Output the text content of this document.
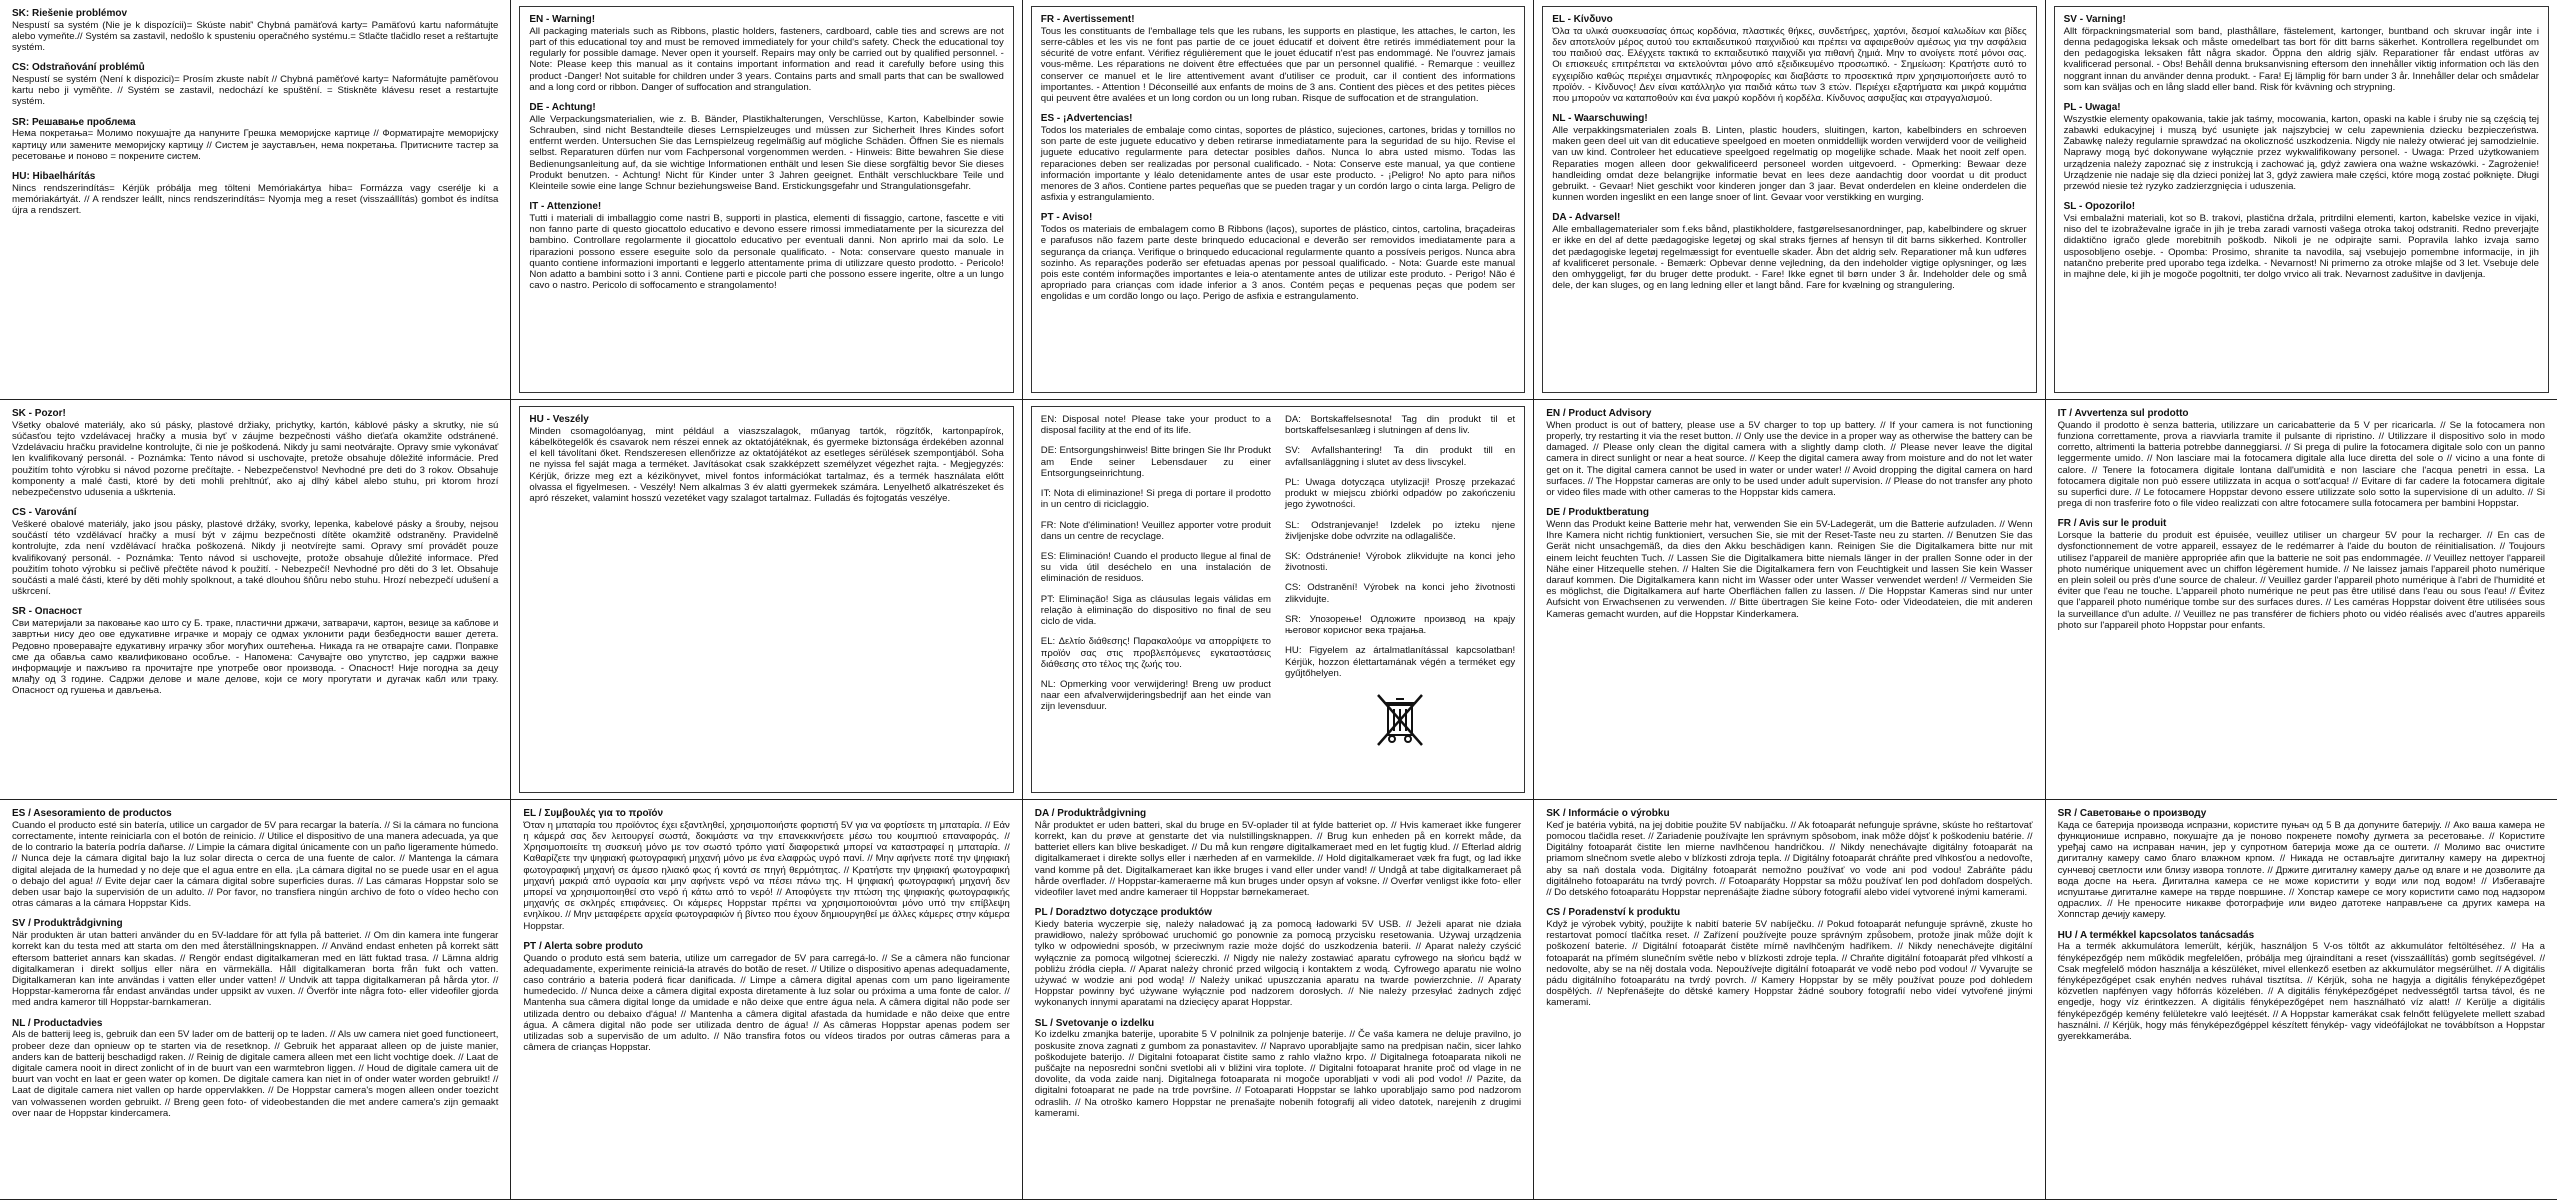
SK: Riešenie problémov

Nespustí sa systém (Nie je k dispozícii)= Skúste nabiť' Chybná pamäťová karty= Pamäťovú kartu naformátujte alebo vymeňte.// Systém sa zastavil, nedošlo k spusteniu operačného systému.= Stlačte tlačidlo reset a reštartujte systém.

CS: Odstraňování problémů

Nespustí se systém (Není k dispozici)= Prosím zkuste nabít // Chybná paměťové karty= Naformátujte paměťovou kartu nebo ji vyměňte. // Systém se zastavil, nedochází ke spuštění. = Stiskněte klávesu reset a restartujte systém.

SR: Решавање проблема

Нема покретања= Молимо покушајте да напуните Грешка меморијске картице // Форматирајте меморијску картицу или замените меморијску картицу // Систем је заустављен, нема покретања. Притисните тастер за ресетовање и поново = покрените систем.

HU: Hibaelhárítás

Nincs rendszerindítás= Kérjük próbálja meg tölteni Memóriakártya hiba= Formázza vagy cserélje ki a memóriakártyát. // A rendszer leállt, nincs rendszerindítás= Nyomja meg a reset (visszaállítás) gombot és indítsa újra a rendszert.

EN - Warning!

All packaging materials such as Ribbons, plastic holders, fasteners, cardboard, cable ties and screws are not part of this educational toy and must be removed immediately for your child's safety. Check the educational toy regularly for possible damage. Never open it yourself. Repairs may only be carried out by qualified personnel. -Note: Please keep this manual as it contains important information and read it carefully before using this product -Danger! Not suitable for children under 3 years. Contains parts and small parts that can be swallowed and a long cord or ribbon. Danger of suffocation and strangulation.

DE - Achtung!

Alle Verpackungsmaterialien, wie z. B. Bänder, Plastikhalterungen, Verschlüsse, Karton, Kabelbinder sowie Schrauben, sind nicht Bestandteile dieses Lernspielzeuges und müssen zur Sicherheit Ihres Kindes sofort entfernt werden. Untersuchen Sie das Lernspielzeug regelmäßig auf mögliche Schäden. Öffnen Sie es niemals selbst. Reparaturen dürfen nur vom Fachpersonal vorgenommen werden. - Hinweis: Bitte bewahren Sie diese Bedienungsanleitung auf, da sie wichtige Informationen enthält und lesen Sie diese sorgfältig bevor Sie dieses Produkt benutzen. - Achtung! Nicht für Kinder unter 3 Jahren geeignet. Enthält verschluckbare Teile und Kleinteile sowie eine lange Schnur beziehungsweise Band. Erstickungsgefahr und Strangulationsgefahr.

IT - Attenzione!

Tutti i materiali di imballaggio come nastri B, supporti in plastica, elementi di fissaggio, cartone, fascette e viti non fanno parte di questo giocattolo educativo e devono essere rimossi immediatamente per la sicurezza del bambino. Controllare regolarmente il giocattolo educativo per eventuali danni. Non aprirlo mai da solo. Le riparazioni possono essere eseguite solo da personale qualificato. - Nota: conservare questo manuale in quanto contiene informazioni importanti e leggerlo attentamente prima di utilizzare questo prodotto. - Pericolo! Non adatto a bambini sotto i 3 anni. Contiene parti e piccole parti che possono essere ingerite, oltre a un lungo cavo o nastro. Pericolo di soffocamento e strangolamento!

FR - Avertissement!

Tous les constituants de l'emballage tels que les rubans, les supports en plastique, les attaches, le carton, les serre-câbles et les vis ne font pas partie de ce jouet éducatif et doivent être retirés immédiatement pour la sécurité de votre enfant. Vérifiez régulièrement que le jouet éducatif n'est pas endommagé. Ne l'ouvrez jamais vous-même. Les réparations ne doivent être effectuées que par un personnel qualifié. - Remarque : veuillez conserver ce manuel et le lire attentivement avant d'utiliser ce produit, car il contient des informations importantes. - Attention ! Déconseillé aux enfants de moins de 3 ans. Contient des pièces et des petites pièces qui peuvent être avalées et un long cordon ou un long ruban. Risque de suffocation et de strangulation.

ES - ¡Advertencias!

Todos los materiales de embalaje como cintas, soportes de plástico, sujeciones, cartones, bridas y tornillos no son parte de este juguete educativo y deben retirarse inmediatamente para la seguridad de su hijo. Revise el juguete educativo regularmente para detectar posibles daños. Nunca lo abra usted mismo. Todas las reparaciones deben ser realizadas por personal cualificado. - Nota: Conserve este manual, ya que contiene información importante y léalo detenidamente antes de usar este producto. - ¡Peligro! No apto para niños menores de 3 años. Contiene partes pequeñas que se pueden tragar y un cordón largo o cinta larga. Peligro de asfixia y estrangulamiento.

PT - Aviso!

Todos os materiais de embalagem como B Ribbons (laços), suportes de plástico, cintos, cartolina, braçadeiras e parafusos não fazem parte deste brinquedo educacional e deverão ser removidos imediatamente para a segurança da criança. Verifique o brinquedo educacional regularmente quanto a possíveis perigos. Nunca abra sozinho. As reparações poderão ser efetuadas apenas por pessoal qualificado. - Nota: Guarde este manual pois este contém informações importantes e leia-o atentamente antes de utilizar este produto. - Perigo! Não é apropriado para crianças com idade inferior a 3 anos. Contém peças e pequenas peças que podem ser engolidas e um cordão longo ou laço. Perigo de asfixia e estrangulamento.

EL - Κίνδυνο

Όλα τα υλικά συσκευασίας όπως κορδόνια, πλαστικές θήκες, συνδετήρες, χαρτόνι, δεσμοί καλωδίων και βίδες δεν αποτελούν μέρος αυτού του εκπαιδευτικού παιχνιδιού και πρέπει να αφαιρεθούν αμέσως για την ασφάλεια του παιδιού σας. Ελέγχετε τακτικά το εκπαιδευτικό παιχνίδι για πιθανή ζημιά. Μην το ανοίγετε ποτέ μόνοι σας. Οι επισκευές επιτρέπεται να εκτελούνται μόνο από εξειδικευμένο προσωπικό. - Σημείωση: Κρατήστε αυτό το εγχειρίδιο καθώς περιέχει σημαντικές πληροφορίες και διαβάστε το προσεκτικά πριν χρησιμοποιήσετε αυτό το προϊόν. - Κίνδυνος! Δεν είναι κατάλληλο για παιδιά κάτω των 3 ετών. Περιέχει εξαρτήματα και μικρά κομμάτια που μπορούν να καταποθούν και ένα μακρύ κορδόνι ή κορδέλα. Κίνδυνος ασφυξίας και στραγγαλισμού.

NL - Waarschuwing!

Alle verpakkingsmaterialen zoals B. Linten, plastic houders, sluitingen, karton, kabelbinders en schroeven maken geen deel uit van dit educatieve speelgoed en moeten onmiddellijk worden verwijderd voor de veiligheid van uw kind. Controleer het educatieve speelgoed regelmatig op mogelijke schade. Maak het nooit zelf open. Reparaties mogen alleen door gekwalificeerd personeel worden uitgevoerd. - Opmerking: Bewaar deze handleiding omdat deze belangrijke informatie bevat en lees deze aandachtig door voordat u dit product gebruikt. - Gevaar! Niet geschikt voor kinderen jonger dan 3 jaar. Bevat onderdelen en kleine onderdelen die kunnen worden ingeslikt en een lange snoer of lint. Gevaar voor verstikking en wurging.

DA - Advarsel!

Alle emballagematerialer som f.eks bånd, plastikholdere, fastgørelsesanordninger, pap, kabelbindere og skruer er ikke en del af dette pædagogiske legetøj og skal straks fjernes af hensyn til dit barns sikkerhed. Kontroller det pædagogiske legetøj regelmæssigt for eventuelle skader. Åbn det aldrig selv. Reparationer må kun udføres af kvalificeret personale. - Bemærk: Opbevar denne vejledning, da den indeholder vigtige oplysninger, og læs den omhyggeligt, før du bruger dette produkt. - Fare! Ikke egnet til børn under 3 år. Indeholder dele og små dele, der kan sluges, og en lang ledning eller et langt bånd. Fare for kvælning og strangulering.

SV - Varning!

Allt förpackningsmaterial som band, plasthållare, fästelement, kartonger, buntband och skruvar ingår inte i denna pedagogiska leksak och måste omedelbart tas bort för ditt barns säkerhet. Kontrollera regelbundet om den pedagogiska leksaken fått några skador. Öppna den aldrig själv. Reparationer får endast utföras av kvalificerad personal. - Obs! Behåll denna bruksanvisning eftersom den innehåller viktig information och läs den noggrant innan du använder denna produkt. - Fara! Ej lämplig för barn under 3 år. Innehåller delar och smådelar som kan sväljas och en lång sladd eller band. Risk för kvävning och strypning.

PL - Uwaga!

Wszystkie elementy opakowania, takie jak taśmy, mocowania, karton, opaski na kable i śruby nie są częścią tej zabawki edukacyjnej i muszą być usunięte jak najszybciej w celu zapewnienia dziecku bezpieczeństwa. Zabawkę należy regularnie sprawdzać na okoliczność uszkodzenia. Nigdy nie należy otwierać jej samodzielnie. Naprawy mogą być dokonywane wyłącznie przez wykwalifikowany personel. - Uwaga: Przed użytkowaniem urządzenia należy zapoznać się z instrukcją i zachować ją, gdyż zawiera ona ważne wskazówki. - Zagrożenie! Urządzenie nie nadaje się dla dzieci poniżej lat 3, gdyż zawiera małe części, które mogą zostać połknięte. Długi przewód niesie też ryzyko zadzierzgnięcia i uduszenia.

SL - Opozorilo!

Vsi embalažni materiali, kot so B. trakovi, plastična držala, pritrdilni elementi, karton, kabelske vezice in vijaki, niso del te izobraževalne igrače in jih je treba zaradi varnosti vašega otroka takoj odstraniti. Redno preverjajte didaktično igračo glede morebitnih poškodb. Nikoli je ne odpirajte sami. Popravila lahko izvaja samo usposobljeno osebje. - Opomba: Prosimo, shranite ta navodila, saj vsebujejo pomembne informacije, in jih natančno preberite pred uporabo tega izdelka. - Nevarnost! Ni primerno za otroke mlajše od 3 let. Vsebuje dele in majhne dele, ki jih je mogoče pogoltniti, ter dolgo vrvico ali trak. Nevarnost zadušitve in davljenja.

SK - Pozor!

Všetky obalové materiály, ako sú pásky, plastové držiaky, prichytky, kartón, káblové pásky a skrutky, nie sú súčasťou tejto vzdelávacej hračky a musia byť v záujme bezpečnosti vášho dieťaťa okamžite odstránené. Vzdelávaciu hračku pravidelne kontrolujte, či nie je poškodená. Nikdy ju sami neotvárajte. Opravy smie vykonávať len kvalifikovaný personál. - Poznámka: Tento návod si uschovajte, pretože obsahuje dôležité informácie. Pred použitím tohto výrobku si návod pozorne prečítajte. - Nebezpečenstvo! Nevhodné pre deti do 3 rokov. Obsahuje komponenty a malé časti, ktoré by deti mohli prehltnúť, ako aj dlhý kábel alebo stuhu, pri ktorom hrozí nebezpečenstvo udusenia a uškrtenia.

CS - Varování

Veškeré obalové materiály, jako jsou pásky, plastové držáky, svorky, lepenka, kabelové pásky a šrouby, nejsou součástí této vzdělávací hračky a musí být v zájmu bezpečnosti dítěte okamžitě odstraněny. Pravidelně kontrolujte, zda není vzdělávací hračka poškozená. Nikdy ji neotvírejte sami. Opravy smí provádět pouze kvalifikovaný personál. - Poznámka: Tento návod si uschovejte, protože obsahuje důležité informace. Před použitím tohoto výrobku si pečlivě přečtěte návod k použití. - Nebezpečí! Nevhodné pro děti do 3 let. Obsahuje součásti a malé části, které by děti mohly spolknout, a také dlouhou šňůru nebo stuhu. Hrozí nebezpečí udušení a uškrcení.

SR - Опасност

Сви материјали за паковање као што су Б. траке, пластични држачи, затварачи, картон, везице за каблове и завртњи нису део ове едукативне играчке и морају се одмах уклонити ради безбедности вашег детета. Редовно проверавајте едукативну играчку због могућих оштећења. Никада га не отварајте сами. Поправке сме да обавља само квалификовано особље. - Напомена: Сачувајте ово упутство, јер садржи важне информације и пажљиво га прочитајте пре употребе овог производа. - Опасност! Није погодна за децу млађу од 3 године. Садржи делове и мале делове, који се могу прогутати и дугачак кабл или траку. Опасност од гушења и дављења.

HU - Veszély

Minden csomagolóanyag, mint például a viaszszalagok, műanyag tartók, rögzítők, kartonpapírok, kábelkötegelők és csavarok nem részei ennek az oktatójátéknak, és gyermeke biztonsága érdekében azonnal el kell távolítani őket. Rendszeresen ellenőrizze az oktatójátékot az esetleges sérülések szempontjából. Soha ne nyissa fel saját maga a terméket. Javításokat csak szakképzett személyzet végezhet rajta. - Megjegyzés: Kérjük, őrizze meg ezt a kézikönyvet, mivel fontos információkat tartalmaz, és a termék használata előtt olvassa el figyelmesen. - Veszély! Nem alkalmas 3 év alatti gyermekek számára. Lenyelhető alkatrészeket és apró részeket, valamint hosszú vezetéket vagy szalagot tartalmaz. Fulladás és fojtogatás veszélye.

EN: Disposal note! Please take your product to a disposal facility at the end of its life.

DE: Entsorgungshinweis! Bitte bringen Sie Ihr Produkt am Ende seiner Lebensdauer zu einer Entsorgungseinrichtung.

IT: Nota di eliminazione! Si prega di portare il prodotto in un centro di riciclaggio.

FR: Note d'élimination! Veuillez apporter votre produit dans un centre de recyclage.

ES: Eliminación! Cuando el producto llegue al final de su vida útil deséchelo en una instalación de eliminación de residuos.

PT: Eliminação! Siga as cláusulas legais válidas em relação à eliminação do dispositivo no final de seu ciclo de vida.

EL: Δελτίο διάθεσης! Παρακαλούμε να απορρίψετε το προϊόν σας στις προβλεπόμενες εγκαταστάσεις διάθεσης στο τέλος της ζωής του.

NL: Opmerking voor verwijdering! Breng uw product naar een afvalverwijderingsbedrijf aan het einde van zijn levensduur.

DA: Bortskaffelsesnota! Tag din produkt til et bortskaffelsesanlæg i slutningen af dens liv.

SV: Avfallshantering! Ta din produkt till en avfallsanläggning i slutet av dess livscykel.

PL: Uwaga dotycząca utylizacji! Proszę przekazać produkt w miejscu zbiórki odpadów po zakończeniu jego żywotności.

SL: Odstranjevanje! Izdelek po izteku njene življenjske dobe odvrzite na odlagališče.

SK: Odstránenie! Výrobok zlikvidujte na konci jeho životnosti.

CS: Odstranění! Výrobek na konci jeho životnosti zlikvidujte.

SR: Упозорење! Одложите производ на крају његовог корисног века трајања.

HU: Figyelem az ártalmatlanítással kapcsolatban! Kérjük, hozzon élettartamának végén a terméket egy gyűjtőhelyen.

EN / Product Advisory

When product is out of battery, please use a 5V charger to top up battery. // If your camera is not functioning properly, try restarting it via the reset button. // Only use the device in a proper way as otherwise the battery can be damaged. // Please only clean the digital camera with a slightly damp cloth. // Please never leave the digital camera in direct sunlight or near a heat source. // Keep the digital camera away from moisture and do not let water get on it. The digital camera cannot be used in water or under water! // Avoid dropping the digital camera on hard surfaces. // The Hoppstar cameras are only to be used under adult supervision. // Please do not transfer any photo or video files made with other cameras to the Hoppstar kids camera.

DE / Produktberatung

Wenn das Produkt keine Batterie mehr hat, verwenden Sie ein 5V-Ladegerät, um die Batterie aufzuladen. // Wenn Ihre Kamera nicht richtig funktioniert, versuchen Sie, sie mit der Reset-Taste neu zu starten. // Benutzen Sie das Gerät nicht unsachgemäß, da dies den Akku beschädigen kann. Reinigen Sie die Digitalkamera bitte nur mit einem leicht feuchten Tuch. // Lassen Sie die Digitalkamera bitte niemals länger in der prallen Sonne oder in der Nähe einer Hitzequelle stehen. // Halten Sie die Digitalkamera fern von Feuchtigkeit und lassen Sie kein Wasser darauf kommen. Die Digitalkamera kann nicht im Wasser oder unter Wasser verwendet werden! // Vermeiden Sie es möglichst, die Digitalkamera auf harte Oberflächen fallen zu lassen. // Die Hoppstar Kameras sind nur unter Aufsicht von Erwachsenen zu verwenden. // Bitte übertragen Sie keine Foto- oder Videodateien, die mit anderen Kameras gemacht wurden, auf die Hoppstar Kinderkamera.

IT / Avvertenza sul prodotto

Quando il prodotto è senza batteria, utilizzare un caricabatterie da 5 V per ricaricarla. // Se la fotocamera non funziona correttamente, prova a riavviarla tramite il pulsante di ripristino. // Utilizzare il dispositivo solo in modo corretto, altrimenti la batteria potrebbe danneggiarsi. // Si prega di pulire la fotocamera digitale solo con un panno leggermente umido. // Non lasciare mai la fotocamera digitale alla luce diretta del sole o // vicino a una fonte di calore. // Tenere la fotocamera digitale lontana dall'umidità e non lasciare che l'acqua penetri in essa. La fotocamera digitale non può essere utilizzata in acqua o sott'acqua! // Evitare di far cadere la fotocamera digitale su superfici dure. // Le fotocamere Hoppstar devono essere utilizzate solo sotto la supervisione di un adulto. // Si prega di non trasferire foto o file video realizzati con altre fotocamere sulla fotocamera per bambini Hoppstar.

FR / Avis sur le produit

Lorsque la batterie du produit est épuisée, veuillez utiliser un chargeur 5V pour la recharger. // En cas de dysfonctionnement de votre appareil, essayez de le redémarrer à l'aide du bouton de réinitialisation. // Toujours utilisez l'appareil de manière appropriée afin que la batterie ne soit pas endommagée. // Veuillez nettoyer l'appareil photo numérique uniquement avec un chiffon légèrement humide. // Ne laissez jamais l'appareil photo numérique en plein soleil ou près d'une source de chaleur. // Veuillez garder l'appareil photo numérique à l'abri de l'humidité et éviter que l'eau ne touche. L'appareil photo numérique ne peut pas être utilisé dans l'eau ou sous l'eau! // Évitez que l'appareil photo numérique tombe sur des surfaces dures. // Les caméras Hoppstar doivent être utilisées sous la surveillance d'un adulte. // Veuillez ne pas transférer de fichiers photo ou vidéo réalisés avec d'autres appareils photo sur l'appareil photo Hoppstar pour enfants.

ES / Asesoramiento de productos

Cuando el producto esté sin batería, utilice un cargador de 5V para recargar la batería. // Si la cámara no funciona correctamente, intente reiniciarla con el botón de reinicio. // Utilice el dispositivo de una manera adecuada, ya que de lo contrario la batería podría dañarse. // Limpie la cámara digital únicamente con un paño ligeramente húmedo. // Nunca deje la cámara digital bajo la luz solar directa o cerca de una fuente de calor. // Mantenga la cámara digital alejada de la humedad y no deje que el agua entre en ella. ¡La cámara digital no se puede usar en el agua o debajo del agua! // Evite dejar caer la cámara digital sobre superficies duras. // Las cámaras Hoppstar solo se deben usar bajo la supervisión de un adulto. // Por favor, no transfiera ningún archivo de foto o vídeo hecho con otras cámaras a la cámara Hoppstar Kids.

SV / Produktrådgivning

När produkten är utan batteri använder du en 5V-laddare för att fylla på batteriet. // Om din kamera inte fungerar korrekt kan du testa med att starta om den med återställningsknappen. // Använd endast enheten på korrekt sätt eftersom batteriet annars kan skadas. // Rengör endast digitalkameran med en lätt fuktad trasa. // Lämna aldrig digitalkameran i direkt solljus eller nära en värmekälla. Håll digitalkameran borta från fukt och vatten. Digitalkameran kan inte användas i vatten eller under vatten! // Undvik att tappa digitalkameran på hårda ytor. // Hoppstar-kamerorna får endast användas under uppsikt av vuxen. // Överför inte några foto- eller videofiler gjorda med andra kameror till Hoppstar-barnkameran.

NL / Productadvies

Als de batterij leeg is, gebruik dan een 5V lader om de batterij op te laden. // Als uw camera niet goed functioneert, probeer deze dan opnieuw op te starten via de resetknop. // Gebruik het apparaat alleen op de juiste manier, anders kan de batterij beschadigd raken. // Reinig de digitale camera alleen met een licht vochtige doek. // Laat de digitale camera nooit in direct zonlicht of in de buurt van een warmtebron liggen. // Houd de digitale camera uit de buurt van vocht en laat er geen water op komen. De digitale camera kan niet in of onder water worden gebruikt! // Laat de digitale camera niet vallen op harde oppervlakken. // De Hoppstar camera's mogen alleen onder toezicht van volwassenen worden gebruikt. // Breng geen foto- of videobestanden die met andere camera's zijn gemaakt over naar de Hoppstar kindercamera.

EL / Συμβουλές για το προϊόν

Όταν η μπαταρία του προϊόντος έχει εξαντληθεί, χρησιμοποιήστε φορτιστή 5V για να φορτίσετε τη μπαταρία. // Εάν η κάμερά σας δεν λειτουργεί σωστά, δοκιμάστε να την επανεκκινήσετε μέσω του κουμπιού επαναφοράς. // Χρησιμοποιείτε τη συσκευή μόνο με τον σωστό τρόπο γιατί διαφορετικά μπορεί να καταστραφεί η μπαταρία. // Καθαρίζετε την ψηφιακή φωτογραφική μηχανή μόνο με ένα ελαφρώς υγρό πανί. // Μην αφήνετε ποτέ την ψηφιακή φωτογραφική μηχανή σε άμεσο ηλιακό φως ή κοντά σε πηγή θερμότητας. // Κρατήστε την ψηφιακή φωτογραφική μηχανή μακριά από υγρασία και μην αφήνετε νερό να πέσει πάνω της. Η ψηφιακή φωτογραφική μηχανή δεν μπορεί να χρησιμοποιηθεί στο νερό ή κάτω από το νερό! // Αποφύγετε την πτώση της ψηφιακής φωτογραφικής μηχανής σε σκληρές επιφάνειες. Οι κάμερες Hoppstar πρέπει να χρησιμοποιούνται μόνο υπό την επίβλεψη ενηλίκου. // Μην μεταφέρετε αρχεία φωτογραφιών ή βίντεο που έχουν δημιουργηθεί με άλλες κάμερες στην κάμερα Hoppstar.

PT / Alerta sobre produto

Quando o produto está sem bateria, utilize um carregador de 5V para carregá-lo. // Se a câmera não funcionar adequadamente, experimente reiniciá-la através do botão de reset. // Utilize o dispositivo apenas adequadamente, caso contrário a bateria poderá ficar danificada. // Limpe a câmera digital apenas com um pano ligeiramente humedecido. // Nunca deixe a câmera digital exposta diretamente à luz solar ou próxima a uma fonte de calor. // Mantenha sua câmera digital longe da umidade e não deixe que entre água nela. A câmera digital não pode ser utilizada dentro ou debaixo d'água! // Mantenha a câmera digital afastada da humidade e não deixe que entre água. A câmera digital não pode ser utilizada dentro de água! // As câmeras Hoppstar apenas podem ser utilizadas sob a supervisão de um adulto. // Não transfira fotos ou vídeos tirados por outras câmeras para a câmera de crianças Hoppstar.

DA / Produktrådgivning

Når produktet er uden batteri, skal du bruge en 5V-oplader til at fylde batteriet op. // Hvis kameraet ikke fungerer korrekt, kan du prøve at genstarte det via nulstillingsknappen. // Brug kun enheden på en korrekt måde, da batteriet ellers kan blive beskadiget. // Du må kun rengøre digitalkameraet med en let fugtig klud. // Efterlad aldrig digitalkameraet i direkte sollys eller i nærheden af en varmekilde. // Hold digitalkameraet væk fra fugt, og lad ikke vand komme på det. Digitalkameraet kan ikke bruges i vand eller under vand! // Undgå at tabe digitalkameraet på hårde overflader. // Hoppstar-kameraerne må kun bruges under opsyn af voksne. // Overfør venligst ikke foto- eller videofiler lavet med andre kameraer til Hoppstar børnekameraet.

PL / Doradztwo dotyczące produktów

Kiedy bateria wyczerpie się, należy naładować ją za pomocą ładowarki 5V USB. // Jeżeli aparat nie działa prawidłowo, należy spróbować uruchomić go ponownie za pomocą przycisku resetowania. Używaj urządzenia tylko w odpowiedni sposób, w przeciwnym razie może dojść do uszkodzenia baterii. // Aparat należy czyścić wyłącznie za pomocą wilgotnej ściereczki. // Nigdy nie należy zostawiać aparatu cyfrowego na słońcu bądź w pobliżu źródła ciepła. // Aparat należy chronić przed wilgocią i kontaktem z wodą. Cyfrowego aparatu nie wolno używać w wodzie ani pod wodą! // Należy unikać upuszczania aparatu na twarde powierzchnie. // Aparaty Hoppstar powinny być używane wyłącznie pod nadzorem dorosłych. // Nie należy przesyłać żadnych zdjęć wykonanych innymi aparatami na dziecięcy aparat Hoppstar.

SL / Svetovanje o izdelku

Ko izdelku zmanjka baterije, uporabite 5 V polnilnik za polnjenje baterije. // Če vaša kamera ne deluje pravilno, jo poskusite znova zagnati z gumbom za ponastavitev. // Napravo uporabljajte samo na predpisan način, sicer lahko poškodujete baterijo. // Digitalni fotoaparat čistite samo z rahlo vlažno krpo. // Digitalnega fotoaparata nikoli ne puščajte na neposredni sončni svetlobi ali v bližini vira toplote. // Digitalni fotoaparat hranite proč od vlage in ne dovolite, da voda zaide nanj. Digitalnega fotoaparata ni mogoče uporabljati v vodi ali pod vodo! // Pazite, da digitalni fotoaparat ne pade na trde površine. // Fotoaparati Hoppstar se lahko uporabljajo samo pod nadzorom odraslih. // Na otroško kamero Hoppstar ne prenašajte nobenih fotografij ali video datotek, narejenih z drugimi kamerami.

SK / Informácie o výrobku

Keď je batéria vybitá, na jej dobitie použite 5V nabíjačku. // Ak fotoaparát nefunguje správne, skúste ho reštartovať pomocou tlačidla reset. // Zariadenie používajte len správnym spôsobom, inak môže dôjsť k poškodeniu batérie. // Digitálny fotoaparát čistite len mierne navlhčenou handričkou. // Nikdy nenechávajte digitálny fotoaparát na priamom slnečnom svetle alebo v blízkosti zdroja tepla. // Digitálny fotoaparát chráňte pred vlhkosťou a nedovoľte, aby sa naň dostala voda. Digitálny fotoaparát nemožno používať vo vode ani pod vodou! Zabráňte pádu digitálneho fotoaparátu na tvrdý povrch. // Fotoaparáty Hoppstar sa môžu používať len pod dohľadom dospelých. // Do detského fotoaparátu Hoppstar neprenášajte žiadne súbory fotografií alebo videí vytvorené inými kamerami.

CS / Poradenství k produktu

Když je výrobek vybitý, použijte k nabití baterie 5V nabíječku. // Pokud fotoaparát nefunguje správně, zkuste ho restartovat pomocí tlačítka reset. // Zařízení používejte pouze správným způsobem, protože jinak může dojít k poškození baterie. // Digitální fotoaparát čistěte mírně navlhčeným hadříkem. // Nikdy nenechávejte digitální fotoaparát na přímém slunečním světle nebo v blízkosti zdroje tepla. // Chraňte digitální fotoaparát před vlhkostí a nedovolte, aby se na něj dostala voda. Nepoužívejte digitální fotoaparát ve vodě nebo pod vodou! // Vyvarujte se pádu digitálního fotoaparátu na tvrdý povrch. // Kamery Hoppstar by se měly používat pouze pod dohledem dospělých. // Nepřenášejte do dětské kamery Hoppstar žádné soubory fotografií nebo videí vytvořené jinými kamerami.

SR / Саветовање о производу

Када се батерија производа испразни, користите пуњач од 5 В да допуните батерију. // Ако ваша камера не функционише исправно, покушајте да је поново покренете помоћу дугмета за ресетовање. // Користите уређај само на исправан начин, јер у супротном батерија може да се оштети. // Молимо вас очистите дигиталну камеру само благо влажном крпом. // Никада не остављајте дигиталну камеру на директној сунчевој светлости или близу извора топлоте. // Држите дигиталну камеру даље од влаге и не дозволите да вода доспе на њега. Дигитална камера се не може користити у води или под водом! // Избегавајте испуштање дигиталне камере на тврде површине. // Хопстар камере се могу користити само под надзором одраслих. // Не преносите никакве фотографије или видео датотеке направљене са других камера на Хоппстар дечију камеру.

HU / A termékkel kapcsolatos tanácsadás

Ha a termék akkumulátora lemerült, kérjük, használjon 5 V-os töltőt az akkumulátor feltöltéséhez. // Ha a fényképezőgép nem működik megfelelően, próbálja meg újraindítani a reset (visszaállítás) gomb segítségével. // Csak megfelelő módon használja a készüléket, mivel ellenkező esetben az akkumulátor megsérülhet. // A digitális fényképezőgépet csak enyhén nedves ruhával tisztítsa. // Kérjük, soha ne hagyja a digitális fényképezőgépet közvetlen napfényen vagy hőforrás közelében. // A digitális fényképezőgépet nedvességtől tartsa távol, és ne engedje, hogy víz érintkezzen. A digitális fényképezőgépet nem használható víz alatt! // Kerülje a digitális fényképezőgép kemény felületekre való leejtését. // A Hoppstar kamerákat csak felnőtt felügyelete mellett szabad használni. // Kérjük, hogy más fényképezőgéppel készített fénykép- vagy videófájlokat ne továbbítson a Hoppstar gyerekkamerába.
